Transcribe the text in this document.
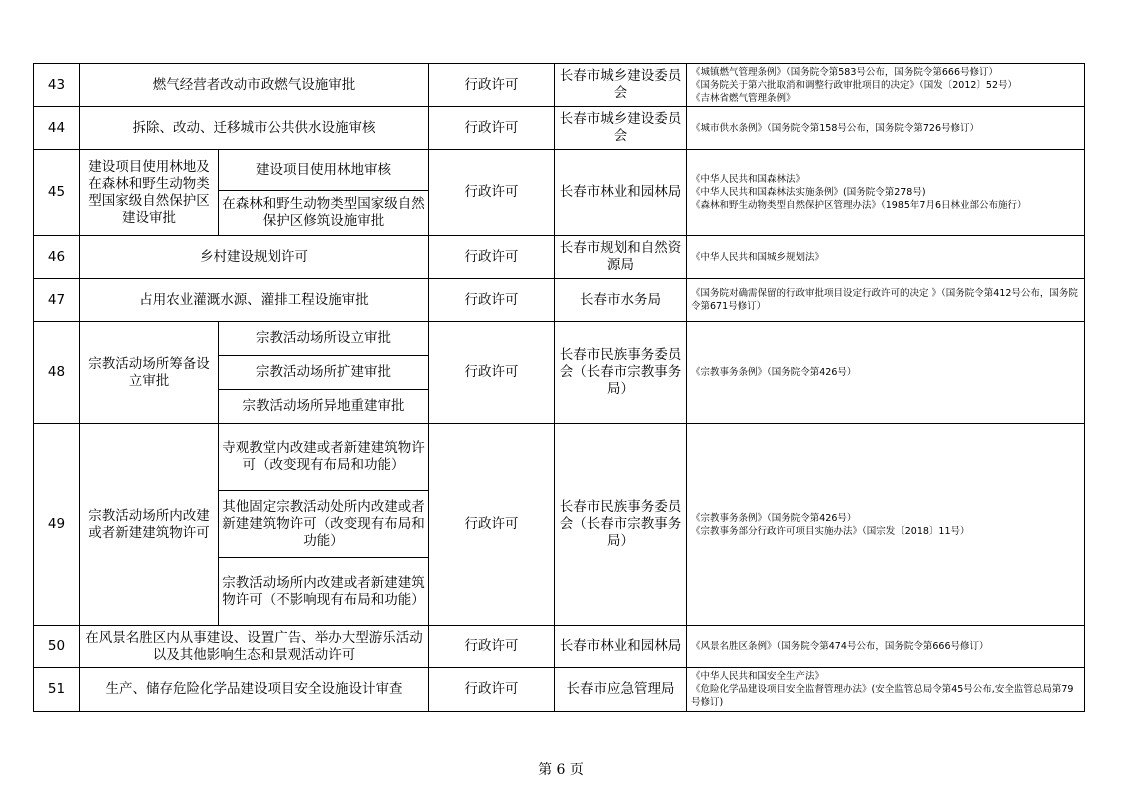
43	燃气经营者改动市政燃气设施审批		行政许可	长春市城乡建设委员会	《城镇燃气管理条例》（国务院令第583号公布，国务院令第666号修订）
《国务院关于第六批取消和调整行政审批项目的决定》（国发〔2012〕52号）
《吉林省燃气管理条例》

44	拆除、改动、迁移城市公共供水设施审核		行政许可	长春市城乡建设委员会	《城市供水条例》（国务院令第158号公布，国务院令第726号修订）

45	建设项目使用林地及在森林和野生动物类型国家级自然保护区建设审批	建设项目使用林地审核	行政许可	长春市林业和园林局	《中华人民共和国森林法》
《中华人民共和国森林法实施条例》(国务院令第278号)
《森林和野生动物类型自然保护区管理办法》（1985年7月6日林业部公布施行）

		在森林和野生动物类型国家级自然保护区修筑设施审批			
46	乡村建设规划许可		行政许可	长春市规划和自然资源局	《中华人民共和国城乡规划法》

47	占用农业灌溉水源、灌排工程设施审批		行政许可	长春市水务局	《国务院对确需保留的行政审批项目设定行政许可的决定 》（国务院令第412号公布，国务院令第671号修订）

48	宗教活动场所筹备设立审批	宗教活动场所设立审批	行政许可	长春市民族事务委员会（长春市宗教事务局）	《宗教事务条例》（国务院令第426号）

		宗教活动场所扩建审批			
		宗教活动场所异地重建审批			
49	宗教活动场所内改建或者新建建筑物许可	寺观教堂内改建或者新建建筑物许可（改变现有布局和功能）	行政许可	长春市民族事务委员会（长春市宗教事务局）	《宗教事务条例》（国务院令第426号）
《宗教事务部分行政许可项目实施办法》（国宗发〔2018〕11号）

		其他固定宗教活动处所内改建或者新建建筑物许可（改变现有布局和功能）			
		宗教活动场所内改建或者新建建筑物许可（不影响现有布局和功能）			
50	在风景名胜区内从事建设、设置广告、举办大型游乐活动以及其他影响生态和景观活动许可		行政许可	长春市林业和园林局	《风景名胜区条例》（国务院令第474号公布，国务院令第666号修订）

51	生产、储存危险化学品建设项目安全设施设计审查		行政许可	长春市应急管理局	《中华人民共和国安全生产法》
《危险化学品建设项目安全监督管理办法》(安全监管总局令第45号公布,安全监管总局第79号修订)
第 6 页
